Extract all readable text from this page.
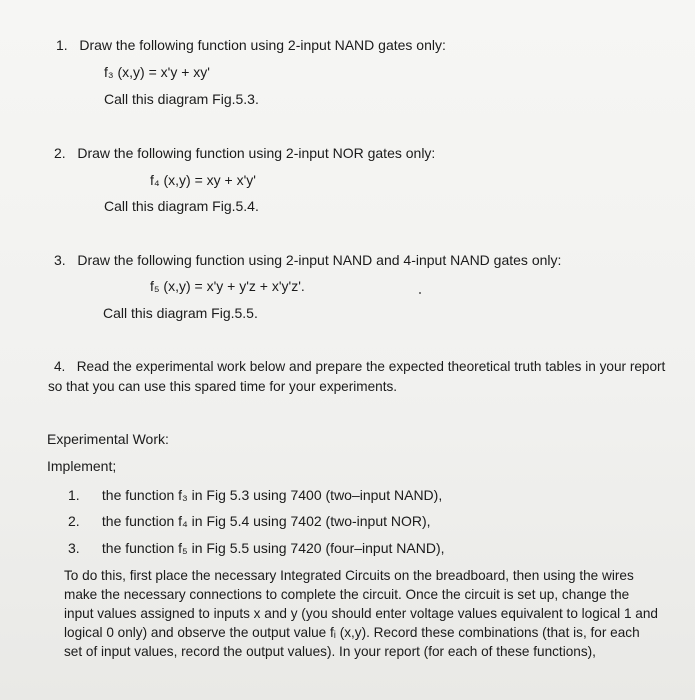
1. Draw the following function using 2-input NAND gates only:
f₃ (x,y) = x'y + xy'
Call this diagram Fig.5.3.
2. Draw the following function using 2-input NOR gates only:
f₄ (x,y) = xy + x'y'
Call this diagram Fig.5.4.
3. Draw the following function using 2-input NAND and 4-input NAND gates only:
f₅ (x,y) = x'y + y'z + x'y'z'.
Call this diagram Fig.5.5.
4. Read the experimental work below and prepare the expected theoretical truth tables in your report
so that you can use this spared time for your experiments.
Experimental Work:
Implement;
1. the function f₃ in Fig 5.3 using 7400 (two–input NAND),
2. the function f₄ in Fig 5.4 using 7402 (two-input NOR),
3. the function f₅ in Fig 5.5 using 7420 (four–input NAND),
To do this, first place the necessary Integrated Circuits on the breadboard, then using the wires
make the necessary connections to complete the circuit. Once the circuit is set up, change the
input values assigned to inputs x and y (you should enter voltage values equivalent to logical 1 and
logical 0 only) and observe the output value fᵢ (x,y). Record these combinations (that is, for each
set of input values, record the output values). In your report (for each of these functions),
